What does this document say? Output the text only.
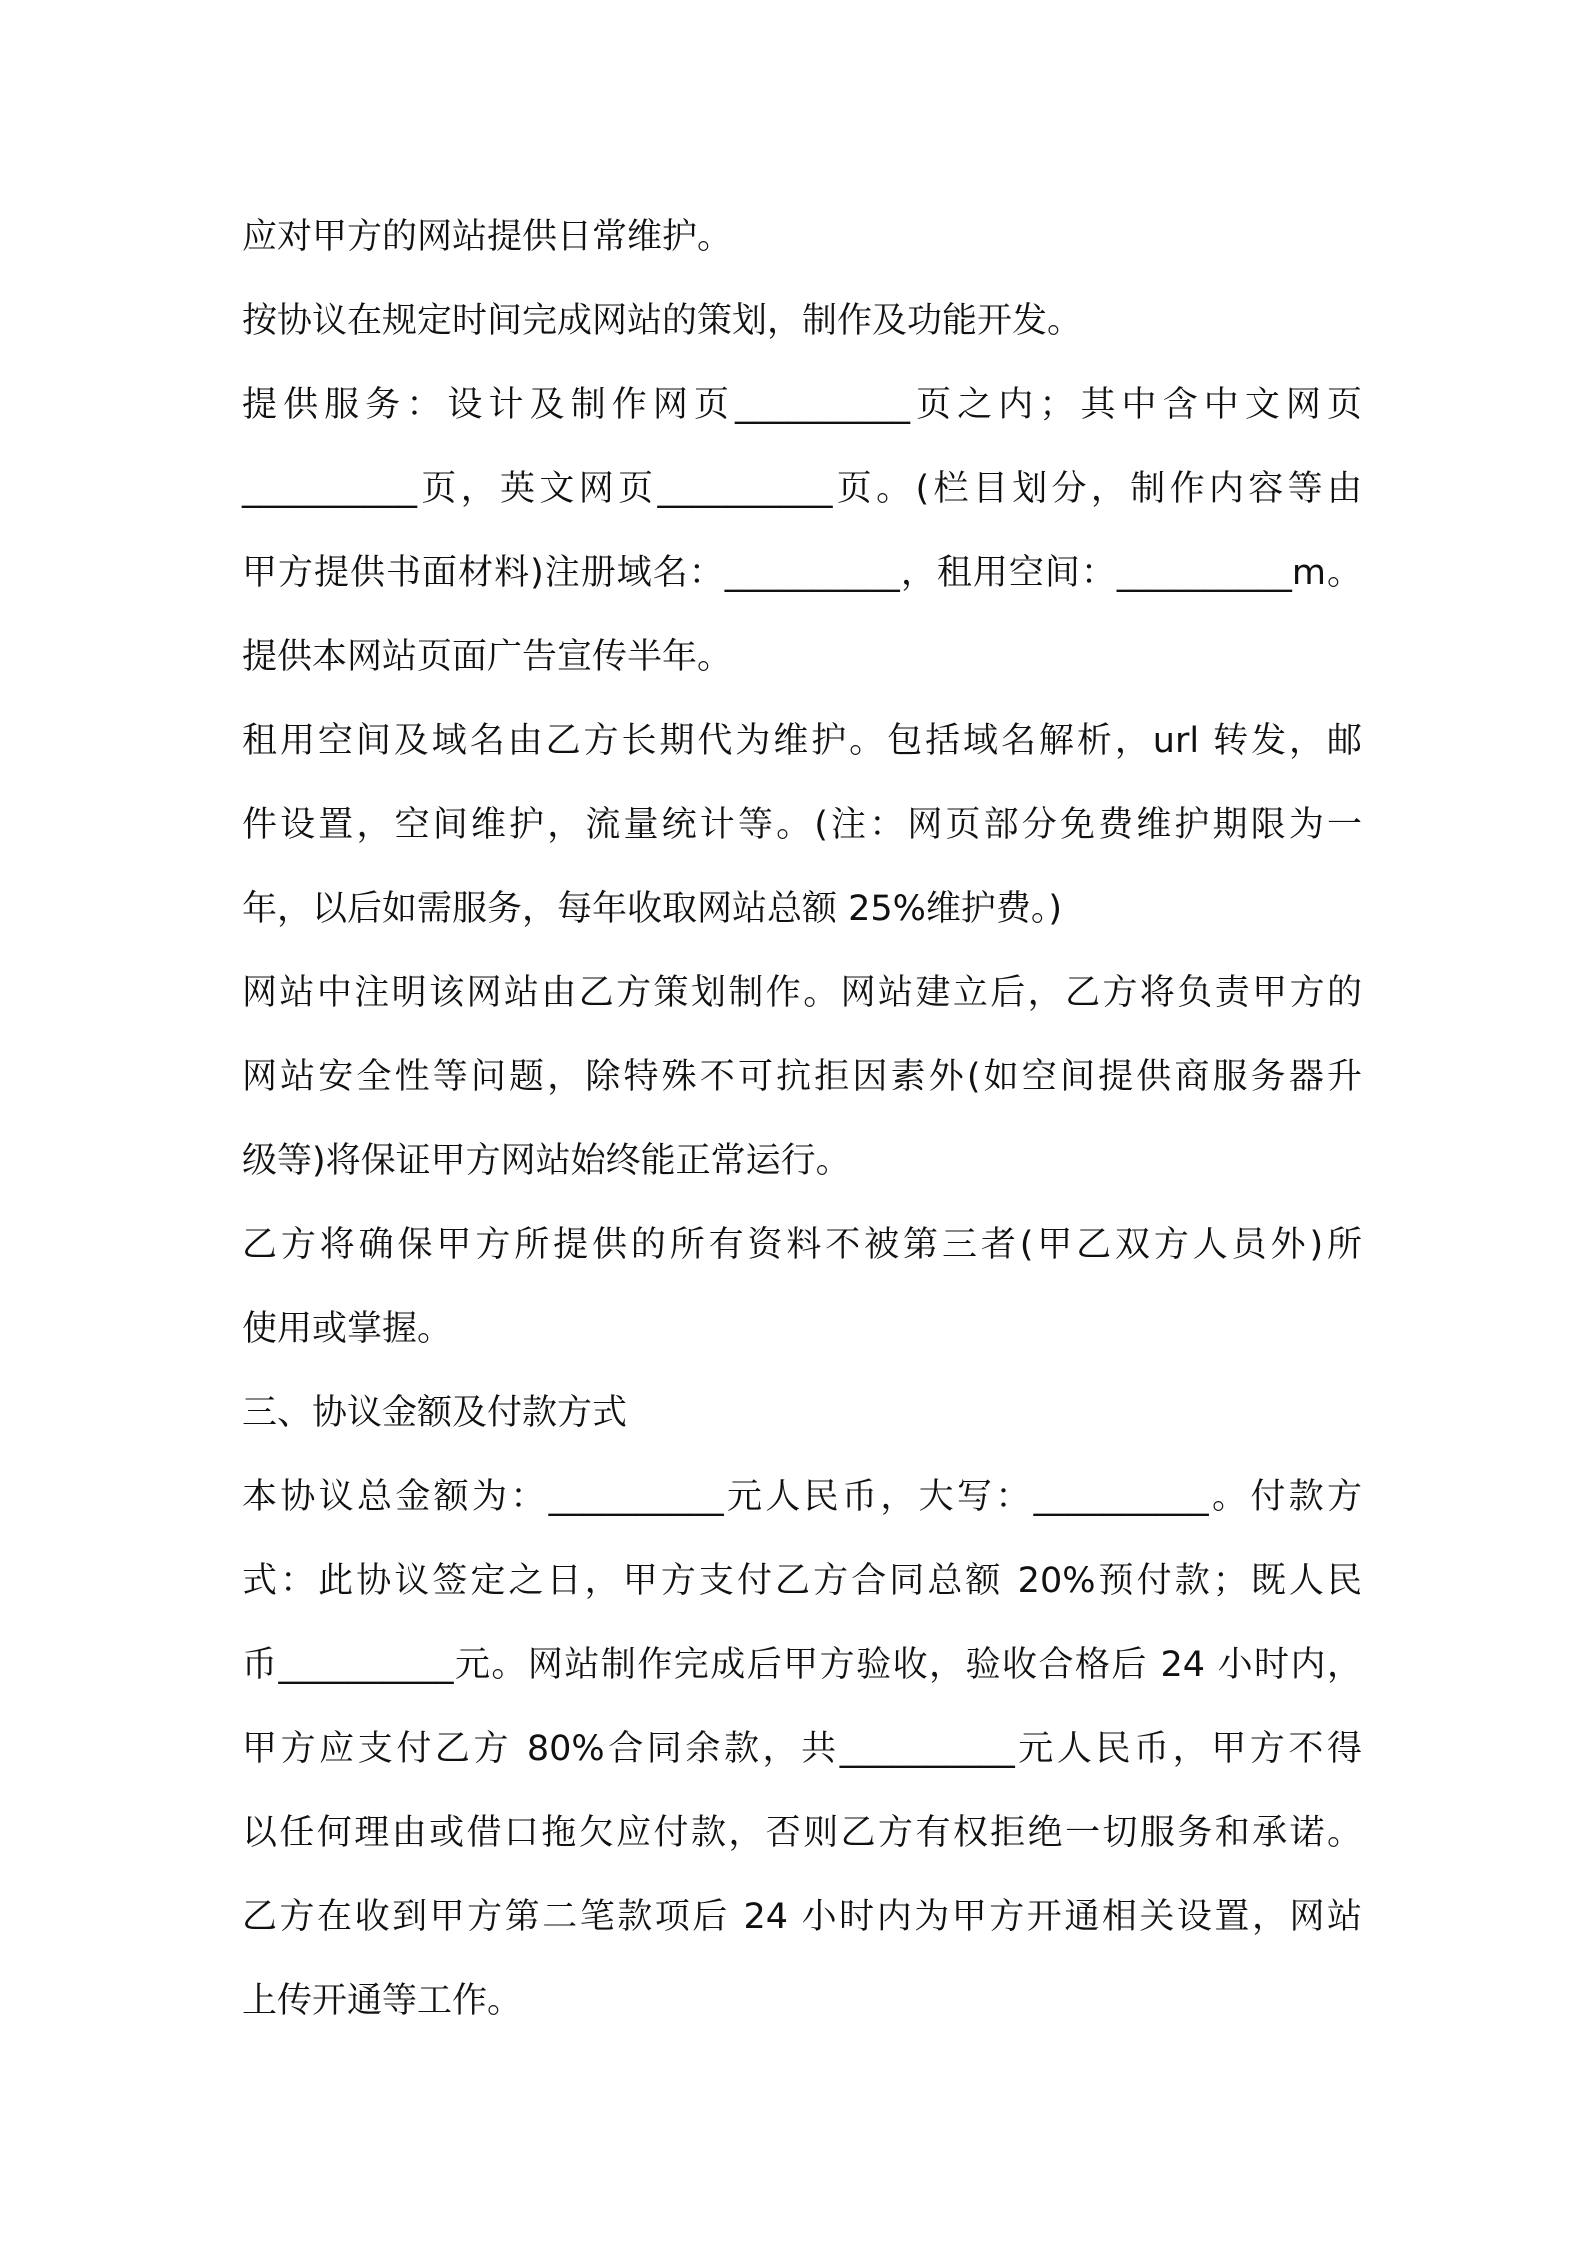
应对甲方的网站提供日常维护。
按协议在规定时间完成网站的策划，制作及功能开发。
提供服务：设计及制作网页__________页之内；其中含中文网页
__________页，英文网页__________页。(栏目划分，制作内容等由
甲方提供书面材料)注册域名：__________，租用空间：__________m。
提供本网站页面广告宣传半年。
租用空间及域名由乙方长期代为维护。包括域名解析，url 转发，邮
件设置，空间维护，流量统计等。(注：网页部分免费维护期限为一
年，以后如需服务，每年收取网站总额 25%维护费。)
网站中注明该网站由乙方策划制作。网站建立后，乙方将负责甲方的
网站安全性等问题，除特殊不可抗拒因素外(如空间提供商服务器升
级等)将保证甲方网站始终能正常运行。
乙方将确保甲方所提供的所有资料不被第三者(甲乙双方人员外)所
使用或掌握。
三、协议金额及付款方式
本协议总金额为：__________元人民币，大写：__________。付款方
式：此协议签定之日，甲方支付乙方合同总额 20%预付款；既人民
币__________元。网站制作完成后甲方验收，验收合格后 24 小时内，
甲方应支付乙方 80%合同余款，共__________元人民币，甲方不得
以任何理由或借口拖欠应付款，否则乙方有权拒绝一切服务和承诺。
乙方在收到甲方第二笔款项后 24 小时内为甲方开通相关设置，网站
上传开通等工作。
